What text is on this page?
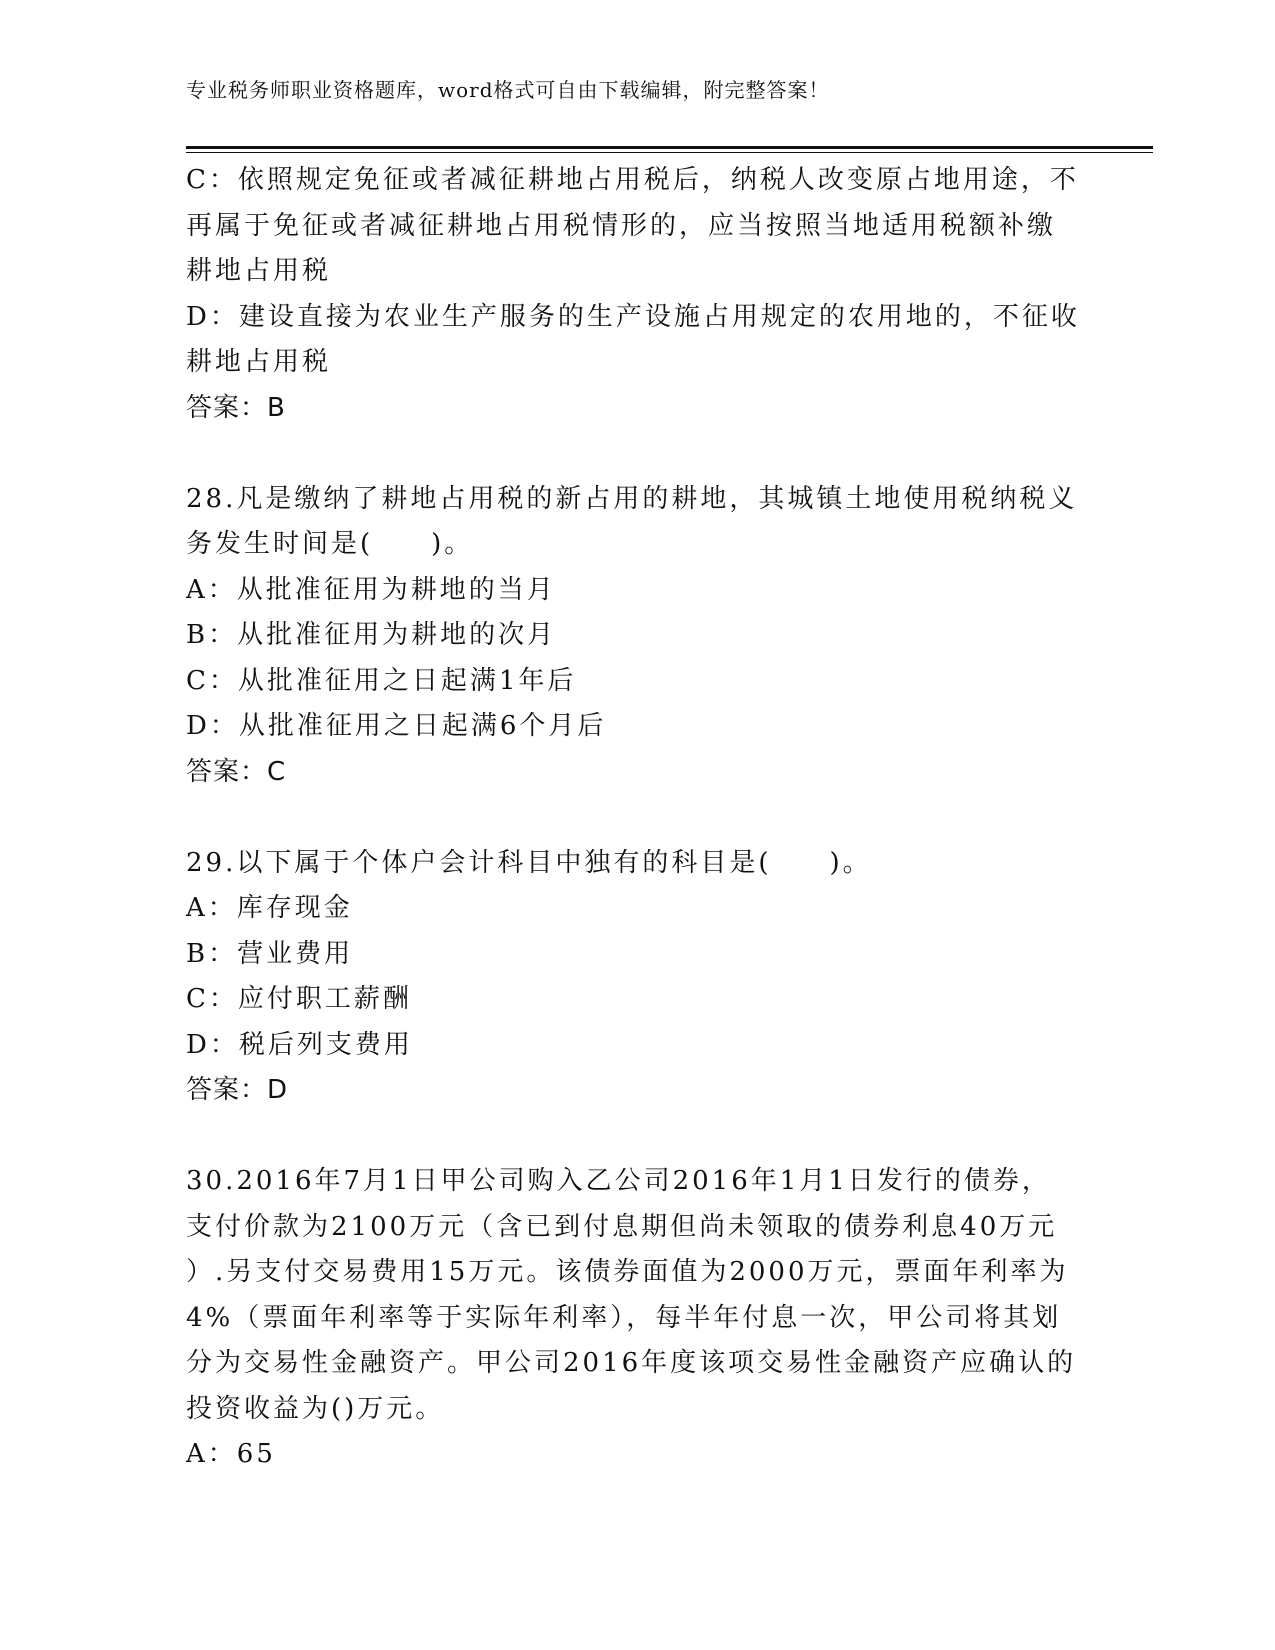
专业税务师职业资格题库，word格式可自由下载编辑，附完整答案！
C：依照规定免征或者减征耕地占用税后，纳税人改变原占地用途，不
再属于免征或者减征耕地占用税情形的，应当按照当地适用税额补缴
耕地占用税
D：建设直接为农业生产服务的生产设施占用规定的农用地的，不征收
耕地占用税
答案：B
28.凡是缴纳了耕地占用税的新占用的耕地，其城镇土地使用税纳税义
务发生时间是(　　)。
A：从批准征用为耕地的当月
B：从批准征用为耕地的次月
C：从批准征用之日起满1年后
D：从批准征用之日起满6个月后
答案：C
29.以下属于个体户会计科目中独有的科目是(　　)。
A：库存现金
B：营业费用
C：应付职工薪酬
D：税后列支费用
答案：D
30.2016年7月1日甲公司购入乙公司2016年1月1日发行的债券，
支付价款为2100万元（含已到付息期但尚未领取的债券利息40万元
）.另支付交易费用15万元。该债券面值为2000万元，票面年利率为
4%（票面年利率等于实际年利率），每半年付息一次，甲公司将其划
分为交易性金融资产。甲公司2016年度该项交易性金融资产应确认的
投资收益为()万元。
A：65
